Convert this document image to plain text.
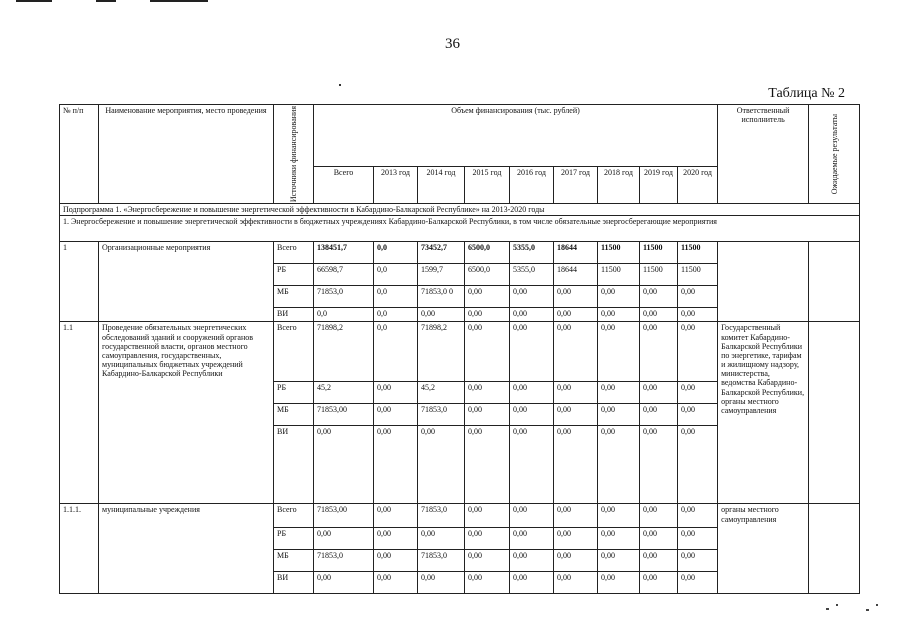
36
Таблица № 2
№ п/п	Наименование мероприятия, место проведения	Источники финансирования	Объем финансирования (тыс. рублей)									Ответственный исполнитель	Ожидаемые результаты

			Всего	2013 год	2014 год	2015 год	2016 год	2017 год	2018 год	2019 год	2020 год		
Подпрограмма 1. «Энергосбережение и повышение энергетической эффективности в Кабардино-Балкарской Республике» на 2013-2020 годы													
1. Энергосбережение и повышение энергетической эффективности в бюджетных учреждениях Кабардино-Балкарской Республики, в том числе обязательные энергосберегающие мероприятия													
1	Организационные мероприятия	Всего	138451,7	0,0	73452,7	6500,0	5355,0	18644	11500	11500	11500		
		РБ	66598,7	0,0	1599,7	6500,0	5355,0	18644	11500	11500	11500		
		МБ	71853,0	0,0	71853,0 0	0,00	0,00	0,00	0,00	0,00	0,00		
		ВИ	0,0	0,0	0,00	0,00	0,00	0,00	0,00	0,00	0,00		
1.1	Проведение обязательных энергетических обследований зданий и сооружений органов государственной власти, органов местного самоуправления, государственных, муниципальных бюджетных учреждений Кабардино-Балкарской Республики	Всего	71898,2	0,0	71898,2	0,00	0,00	0,00	0,00	0,00	0,00	Государственный комитет Кабардино-Балкарской Республики по энергетике, тарифам и жилищному надзору, министерства, ведомства Кабардино-Балкарской Республики, органы местного самоуправления	
		РБ	45,2	0,00	45,2	0,00	0,00	0,00	0,00	0,00	0,00		
		МБ	71853,00	0,00	71853,0	0,00	0,00	0,00	0,00	0,00	0,00		
		ВИ	0,00	0,00	0,00	0,00	0,00	0,00	0,00	0,00	0,00		
1.1.1.	муниципальные учреждения	Всего	71853,00	0,00	71853,0	0,00	0,00	0,00	0,00	0,00	0,00	органы местного самоуправления	
		РБ	0,00	0,00	0,00	0,00	0,00	0,00	0,00	0,00	0,00		
		МБ	71853,0	0,00	71853,0	0,00	0,00	0,00	0,00	0,00	0,00		
		ВИ	0,00	0,00	0,00	0,00	0,00	0,00	0,00	0,00	0,00		
